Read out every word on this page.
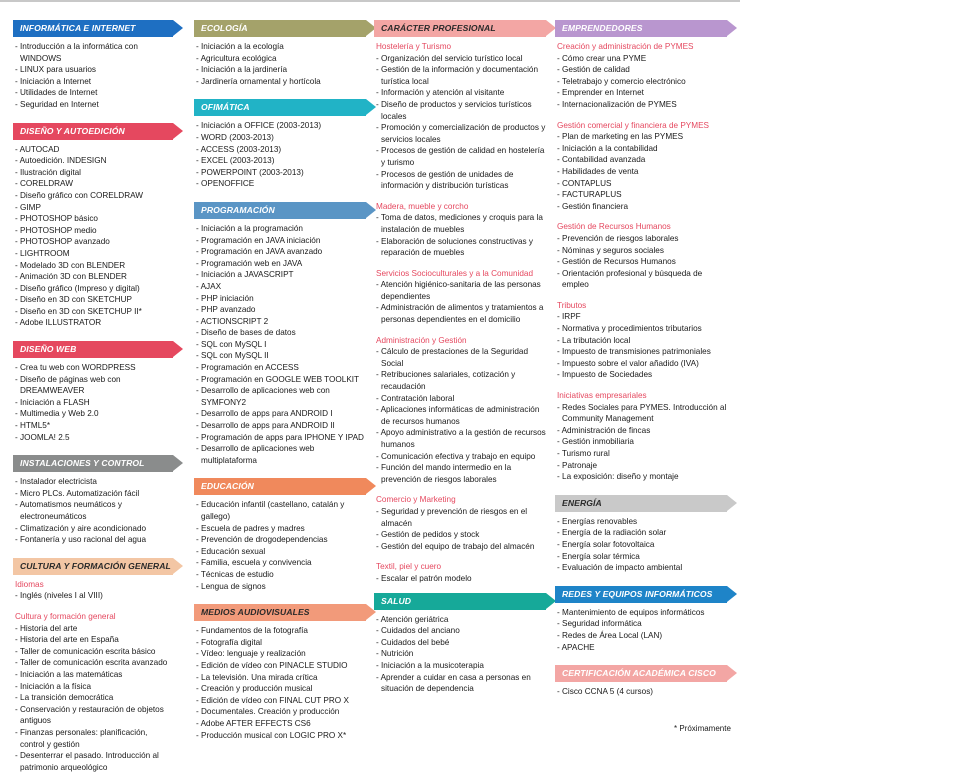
INFORMÁTICA E INTERNET
- Introducción a la informática con WINDOWS
- LINUX para usuarios
- Iniciación a Internet
- Utilidades de Internet
- Seguridad en Internet
DISEÑO Y AUTOEDICIÓN
- AUTOCAD
- Autoedición. INDESIGN
- Ilustración digital
- CORELDRAW
- Diseño gráfico con CORELDRAW
- GIMP
- PHOTOSHOP básico
- PHOTOSHOP medio
- PHOTOSHOP avanzado
- LIGHTROOM
- Modelado 3D con BLENDER
- Animación 3D con BLENDER
- Diseño gráfico (Impreso y digital)
- Diseño en 3D con SKETCHUP
- Diseño en 3D con SKETCHUP II*
- Adobe ILLUSTRATOR
DISEÑO WEB
- Crea tu web con WORDPRESS
- Diseño de páginas web con DREAMWEAVER
- Iniciación a FLASH
- Multimedia y Web 2.0
- HTML5*
- JOOMLA! 2.5
INSTALACIONES Y CONTROL
- Instalador electricista
- Micro PLCs. Automatización fácil
- Automatismos neumáticos y electroneumáticos
- Climatización y aire acondicionado
- Fontanería y uso racional del agua
CULTURA Y FORMACIÓN GENERAL
Idiomas
- Inglés (niveles I al VIII)
Cultura y formación general
- Historia del arte
- Historia del arte en España
- Taller de comunicación escrita básico
- Taller de comunicación escrita avanzado
- Iniciación a las matemáticas
- Iniciación a la física
- La transición democrática
- Conservación y restauración de objetos antiguos
- Finanzas personales: planificación, control y gestión
- Desenterrar el pasado. Introducción al patrimonio arqueológico
ECOLOGÍA
- Iniciación a la ecología
- Agricultura ecológica
- Iniciación a la jardinería
- Jardinería ornamental y hortícola
OFIMÁTICA
- Iniciación a OFFICE (2003-2013)
- WORD (2003-2013)
- ACCESS (2003-2013)
- EXCEL (2003-2013)
- POWERPOINT (2003-2013)
- OPENOFFICE
PROGRAMACIÓN
- Iniciación a la programación
- Programación en JAVA iniciación
- Programación en JAVA avanzado
- Programación web en JAVA
- Iniciación a JAVASCRIPT
- AJAX
- PHP iniciación
- PHP avanzado
- ACTIONSCRIPT 2
- Diseño de bases de datos
- SQL con MySQL I
- SQL con MySQL II
- Programación en ACCESS
- Programación en GOOGLE WEB TOOLKIT
- Desarrollo de aplicaciones web con SYMFONY2
- Desarrollo de apps para ANDROID I
- Desarrollo de apps para ANDROID II
- Programación de apps para IPHONE Y IPAD
- Desarrollo de aplicaciones web multiplataforma
EDUCACIÓN
- Educación infantil (castellano, catalán y gallego)
- Escuela de padres y madres
- Prevención de drogodependencias
- Educación sexual
- Familia, escuela y convivencia
- Técnicas de estudio
- Lengua de signos
MEDIOS AUDIOVISUALES
- Fundamentos de la fotografía
- Fotografía digital
- Vídeo: lenguaje y realización
- Edición de vídeo con PINACLE STUDIO
- La televisión. Una mirada crítica
- Creación y producción musical
- Edición de vídeo con FINAL CUT PRO X
- Documentales. Creación y producción
- Adobe AFTER EFFECTS CS6
- Producción musical con LOGIC PRO X*
CARÁCTER PROFESIONAL
Hostelería y Turismo
- Organización del servicio turístico local
- Gestión de la información y documentación turística local
- Información y atención al visitante
- Diseño de productos y servicios turísticos locales
- Promoción y comercialización de productos y servicios locales
- Procesos de gestión de calidad en hostelería y turismo
- Procesos de gestión de unidades de información y distribución turísticas
Madera, mueble y corcho
- Toma de datos, mediciones y croquis para la instalación de muebles
- Elaboración de soluciones constructivas y reparación de muebles
Servicios Socioculturales y a la Comunidad
- Atención higiénico-sanitaria de las personas dependientes
- Administración de alimentos y tratamientos a personas dependientes en el domicilio
Administración y Gestión
- Cálculo de prestaciones de la Seguridad Social
- Retribuciones salariales, cotización y recaudación
- Contratación laboral
- Aplicaciones informáticas de administración de recursos humanos
- Apoyo administrativo a la gestión de recursos humanos
- Comunicación efectiva y trabajo en equipo
- Función del mando intermedio en la prevención de riesgos laborales
Comercio y Marketing
- Seguridad y prevención de riesgos en el almacén
- Gestión de pedidos y stock
- Gestión del equipo de trabajo del almacén
Textil, piel y cuero
- Escalar el patrón modelo
SALUD
- Atención geriátrica
- Cuidados del anciano
- Cuidados del bebé
- Nutrición
- Iniciación a la musicoterapia
- Aprender a cuidar en casa a personas en situación de dependencia
EMPRENDEDORES
Creación y administración de PYMES
- Cómo crear una PYME
- Gestión de calidad
- Teletrabajo y comercio electrónico
- Emprender en Internet
- Internacionalización de PYMES
Gestión comercial y financiera de PYMES
- Plan de marketing en las PYMES
- Iniciación a la contabilidad
- Contabilidad avanzada
- Habilidades de venta
- CONTAPLUS
- FACTURAPLUS
- Gestión financiera
Gestión de Recursos Humanos
- Prevención de riesgos laborales
- Nóminas y seguros sociales
- Gestión de Recursos Humanos
- Orientación profesional y búsqueda de empleo
Tributos
- IRPF
- Normativa y procedimientos tributarios
- La tributación local
- Impuesto de transmisiones patrimoniales
- Impuesto sobre el valor añadido (IVA)
- Impuesto de Sociedades
Iniciativas empresariales
- Redes Sociales para PYMES. Introducción al Community Management
- Administración de fincas
- Gestión inmobiliaria
- Turismo rural
- Patronaje
- La exposición: diseño y montaje
ENERGÍA
- Energías renovables
- Energía de la radiación solar
- Energía solar fotovoltaica
- Energía solar térmica
- Evaluación de impacto ambiental
REDES Y EQUIPOS INFORMÁTICOS
- Mantenimiento de equipos informáticos
- Seguridad informática
- Redes de Área Local (LAN)
- APACHE
CERTIFICACIÓN ACADÉMICA CISCO
- Cisco CCNA 5 (4 cursos)
* Próximamente
